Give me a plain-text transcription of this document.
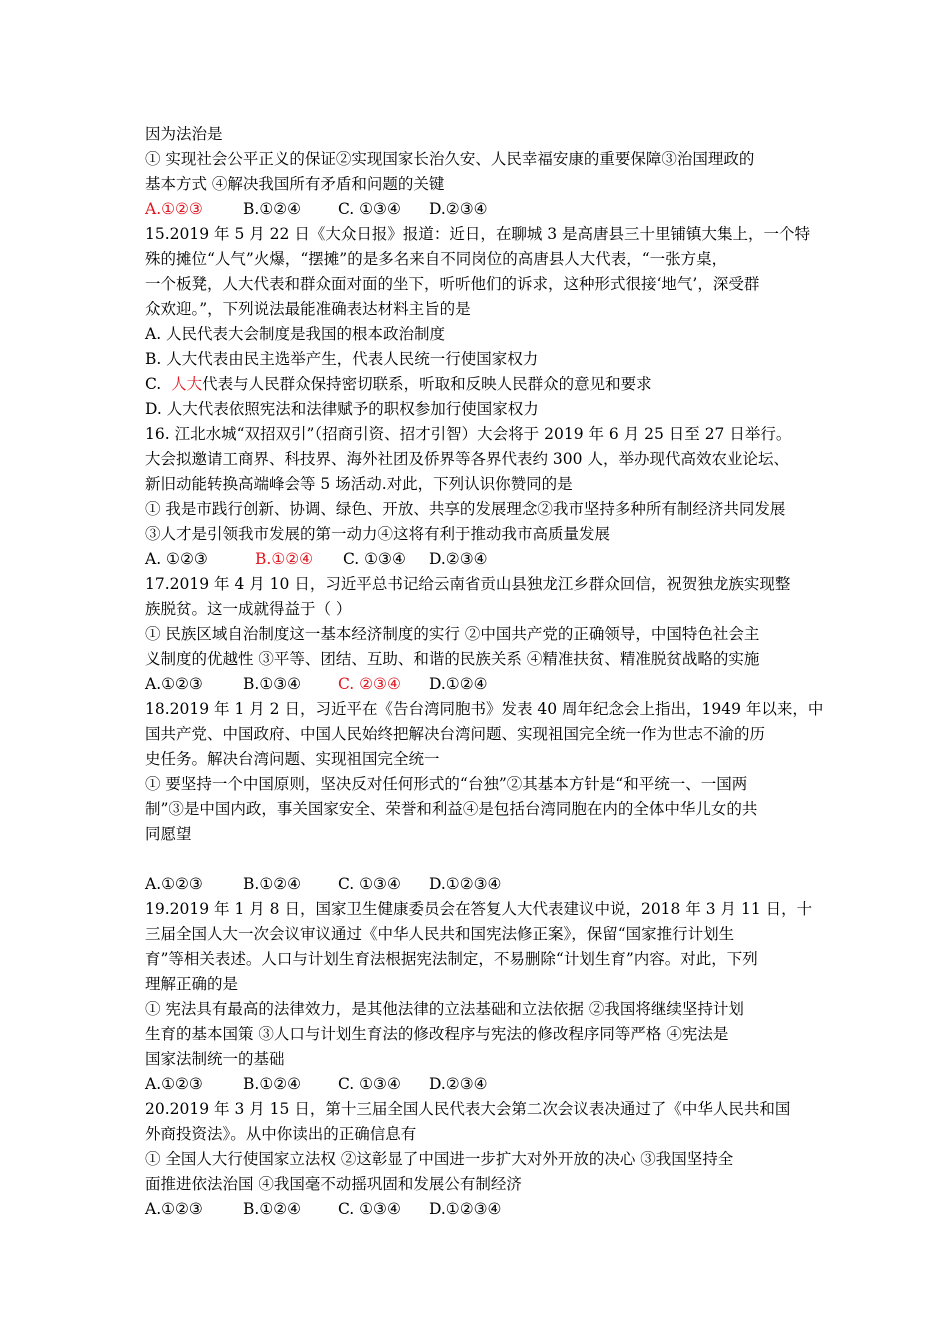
因为法治是
① 实现社会公平正义的保证②实现国家长治久安、人民幸福安康的重要保障③治国理政的
基本方式 ④解决我国所有矛盾和问题的关键
A.①②③	B.①②④ C. ①③④ D.②③④
15.2019 年 5 月 22 日《大众日报》报道：近日，在聊城 3 是高唐县三十里铺镇大集上，一个特
殊的摊位“人气”火爆，“摆摊”的是多名来自不同岗位的高唐县人大代表，“一张方桌，
一个板凳，人大代表和群众面对面的坐下，听听他们的诉求，这种形式很接‘地气’，深受群
众欢迎。”，下列说法最能准确表达材料主旨的是
A. 人民代表大会制度是我国的根本政治制度
B. 人大代表由民主选举产生，代表人民统一行使国家权力
C.  人大代表与人民群众保持密切联系，听取和反映人民群众的意见和要求
D. 人大代表依照宪法和法律赋予的职权参加行使国家权力
16. 江北水城“双招双引”（招商引资、招才引智）大会将于 2019 年 6 月 25 日至 27 日举行。
大会拟邀请工商界、科技界、海外社团及侨界等各界代表约 300 人，举办现代高效农业论坛、
新旧动能转换高端峰会等 5 场活动.对此，下列认识你赞同的是
① 我是市践行创新、协调、绿色、开放、共享的发展理念②我市坚持多种所有制经济共同发展
③人才是引领我市发展的第一动力④这将有利于推动我市高质量发展
A. ①②③	B.①②④ C. ①③④ D.②③④
17.2019 年 4 月 10 日，习近平总书记给云南省贡山县独龙江乡群众回信，祝贺独龙族实现整
族脱贫。这一成就得益于（ ）
① 民族区域自治制度这一基本经济制度的实行 ②中国共产党的正确领导，中国特色社会主
义制度的优越性 ③平等、团结、互助、和谐的民族关系 ④精准扶贫、精准脱贫战略的实施
A.①②③	B.①③④ C. ②③④ D.①②④
18.2019 年 1 月 2 日，习近平在《告台湾同胞书》发表 40 周年纪念会上指出，1949 年以来，中
国共产党、中国政府、中国人民始终把解决台湾问题、实现祖国完全统一作为世志不渝的历
史任务。解决台湾问题、实现祖国完全统一
① 要坚持一个中国原则，坚决反对任何形式的“台独”②其基本方针是“和平统一、一国两
制”③是中国内政，事关国家安全、荣誉和利益④是包括台湾同胞在内的全体中华儿女的共
同愿望
A.①②③	B.①②④ C. ①③④ D.①②③④
19.2019 年 1 月 8 日，国家卫生健康委员会在答复人大代表建议中说，2018 年 3 月 11 日，十
三届全国人大一次会议审议通过《中华人民共和国宪法修正案》，保留“国家推行计划生
育”等相关表述。人口与计划生育法根据宪法制定，不易删除“计划生育”内容。对此，下列
理解正确的是
① 宪法具有最高的法律效力，是其他法律的立法基础和立法依据 ②我国将继续坚持计划
生育的基本国策 ③人口与计划生育法的修改程序与宪法的修改程序同等严格 ④宪法是
国家法制统一的基础
A.①②③	B.①②④ C. ①③④ D.②③④
20.2019 年 3 月 15 日，第十三届全国人民代表大会第二次会议表决通过了《中华人民共和国
外商投资法》。从中你读出的正确信息有
① 全国人大行使国家立法权 ②这彰显了中国进一步扩大对外开放的决心 ③我国坚持全
面推进依法治国 ④我国毫不动摇巩固和发展公有制经济
A.①②③	B.①②④ C. ①③④ D.①②③④
